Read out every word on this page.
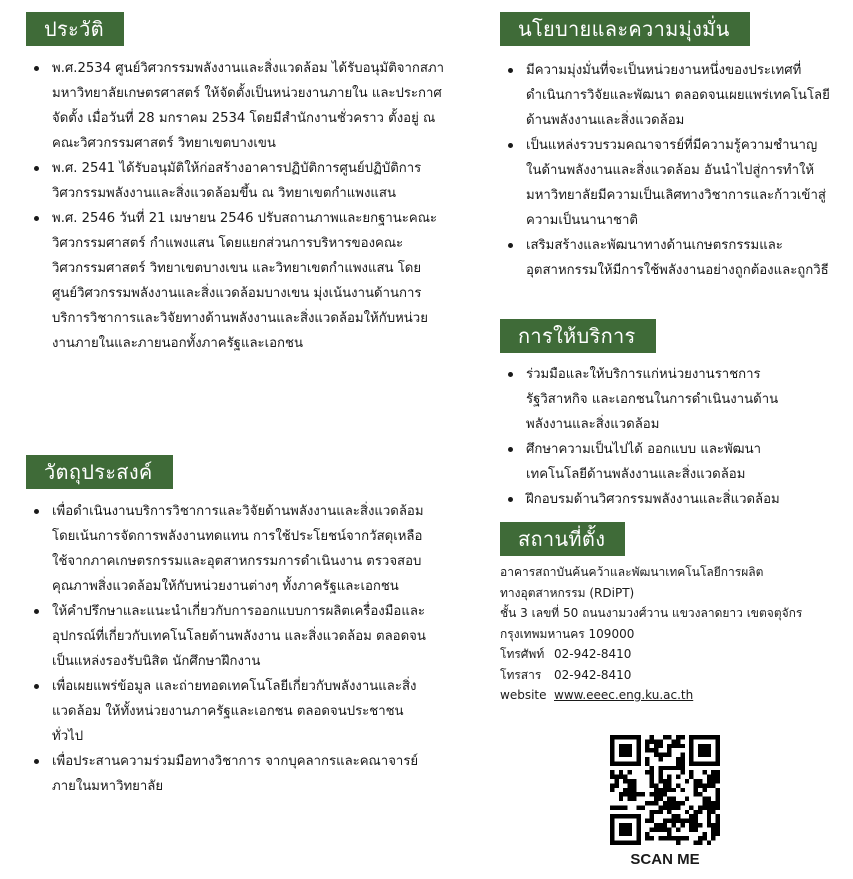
ประวัติ
พ.ศ.2534 ศูนย์วิศวกรรมพลังงานและสิ่งแวดล้อม ได้รับอนุมัติจากสภามหาวิทยาลัยเกษตรศาสตร์ ให้จัดตั้งเป็นหน่วยงานภายใน และประกาศจัดตั้ง เมื่อวันที่ 28 มกราคม 2534 โดยมีสำนักงานชั่วคราว ตั้งอยู่ ณ คณะวิศวกรรมศาสตร์ วิทยาเขตบางเขน
พ.ศ. 2541 ได้รับอนุมัติให้ก่อสร้างอาคารปฏิบัติการศูนย์ปฏิบัติการวิศวกรรมพลังงานและสิ่งแวดล้อมขึ้น ณ วิทยาเขตกำแพงแสน
พ.ศ. 2546 วันที่ 21 เมษายน 2546 ปรับสถานภาพและยกฐานะคณะวิศวกรรมศาสตร์ กำแพงแสน โดยแยกส่วนการบริหารของคณะวิศวกรรมศาสตร์ วิทยาเขตบางเขน และวิทยาเขตกำแพงแสน โดยศูนย์วิศวกรรมพลังงานและสิ่งแวดล้อมบางเขน มุ่งเน้นงานด้านการบริการวิชาการและวิจัยทางด้านพลังงานและสิ่งแวดล้อมให้กับหน่วยงานภายในและภายนอกทั้งภาครัฐและเอกชน
วัตถุประสงค์
เพื่อดำเนินงานบริการวิชาการและวิจัยด้านพลังงานและสิ่งแวดล้อม โดยเน้นการจัดการพลังงานทดแทน การใช้ประโยชน์จากวัสดุเหลือใช้จากภาคเกษตรกรรมและอุตสาหกรรมการดำเนินงาน ตรวจสอบคุณภาพสิ่งแวดล้อมให้กับหน่วยงานต่างๆ ทั้งภาครัฐและเอกชน
ให้คำปรึกษาและแนะนำเกี่ยวกับการออกแบบการผลิตเครื่องมือและอุปกรณ์ที่เกี่ยวกับเทคโนโลยด้านพลังงาน และสิ่งแวดล้อม ตลอดจนเป็นแหล่งรองรับนิสิต นักศึกษาฝึกงาน
เพื่อเผยแพร่ข้อมูล และถ่ายทอดเทคโนโลยีเกี่ยวกับพลังงานและสิ่งแวดล้อม ให้ทั้งหน่วยงานภาครัฐและเอกชน ตลอดจนประชาชนทั่วไป
เพื่อประสานความร่วมมือทางวิชาการ จากบุคลากรและคณาจารย์ ภายในมหาวิทยาลัย
นโยบายและความมุ่งมั่น
มีความมุ่งมั่นที่จะเป็นหน่วยงานหนึ่งของประเทศที่ดำเนินการวิจัยและพัฒนา ตลอดจนเผยแพร่เทคโนโลยีด้านพลังงานและสิ่งแวดล้อม
เป็นแหล่งรวบรวมคณาจารย์ที่มีความรู้ความชำนาญในด้านพลังงานและสิ่งแวดล้อม อันนำไปสู่การทำให้มหาวิทยาลัยมีความเป็นเลิศทางวิชาการและก้าวเข้าสู่ความเป็นนานาชาติ
เสริมสร้างและพัฒนาทางด้านเกษตรกรรมและอุตสาหกรรมให้มีการใช้พลังงานอย่างถูกต้องและถูกวิธี
การให้บริการ
ร่วมมือและให้บริการแก่หน่วยงานราชการ รัฐวิสาหกิจ และเอกชนในการดำเนินงานด้านพลังงานและสิ่งแวดล้อม
ศึกษาความเป็นไปได้ ออกแบบ และพัฒนาเทคโนโลยีด้านพลังงานและสิ่งแวดล้อม
ฝึกอบรมด้านวิศวกรรมพลังงานและสิ่แวดล้อม
สถานที่ตั้ง
อาคารสถาบันค้นคว้าและพัฒนาเทคโนโลยีการผลิต
ทางอุตสาหกรรม (RDiPT)
ชั้น 3 เลขที่ 50 ถนนงามวงศ์วาน แขวงลาดยาว เขตจตุจักร
กรุงเทพมหานคร 109000
โทรศัพท์ 02-942-8410
โทรสาร 02-942-8410
website www.eeec.eng.ku.ac.th
SCAN ME
